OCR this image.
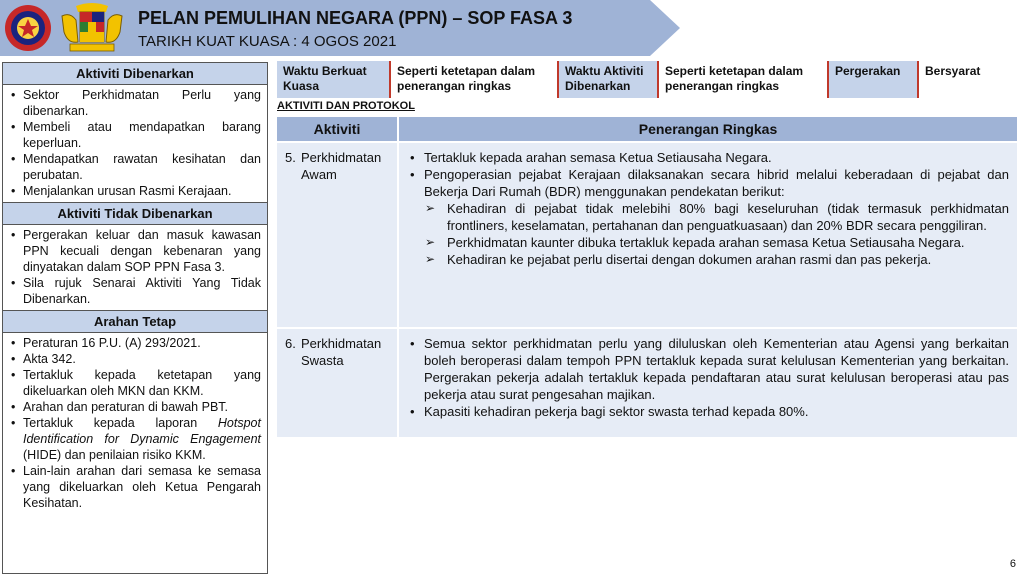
PELAN PEMULIHAN NEGARA (PPN) – SOP FASA 3
TARIKH KUAT KUASA : 4 OGOS 2021
Aktiviti Dibenarkan
• Sektor Perkhidmatan Perlu yang dibenarkan.
• Membeli atau mendapatkan barang keperluan.
• Mendapatkan rawatan kesihatan dan perubatan.
• Menjalankan urusan Rasmi Kerajaan.
Aktiviti Tidak Dibenarkan
• Pergerakan keluar dan masuk kawasan PPN kecuali dengan kebenaran yang dinyatakan dalam SOP PPN Fasa 3.
• Sila rujuk Senarai Aktiviti Yang Tidak Dibenarkan.
Arahan Tetap
• Peraturan 16 P.U. (A) 293/2021.
• Akta 342.
• Tertakluk kepada ketetapan yang dikeluarkan oleh MKN dan KKM.
• Arahan dan peraturan di bawah PBT.
• Tertakluk kepada laporan Hotspot Identification for Dynamic Engagement (HIDE) dan penilaian risiko KKM.
• Lain-lain arahan dari semasa ke semasa yang dikeluarkan oleh Ketua Pengarah Kesihatan.
Waktu Berkuat Kuasa
Seperti ketetapan dalam penerangan ringkas
Waktu Aktiviti Dibenarkan
Seperti ketetapan dalam penerangan ringkas
Pergerakan	Bersyarat
AKTIVITI DAN PROTOKOL
Aktiviti	Penerangan Ringkas
5. Perkhidmatan
Awam
• Tertakluk kepada arahan semasa Ketua Setiausaha Negara.
• Pengoperasian pejabat Kerajaan dilaksanakan secara hibrid melalui keberadaan di pejabat dan Bekerja Dari Rumah (BDR) menggunakan pendekatan berikut:
➢ Kehadiran di pejabat tidak melebihi 80% bagi keseluruhan (tidak termasuk perkhidmatan frontliners, keselamatan, pertahanan dan penguatkuasaan) dan 20% BDR secara penggiliran.
➢ Perkhidmatan kaunter dibuka tertakluk kepada arahan semasa Ketua Setiausaha Negara.
➢ Kehadiran ke pejabat perlu disertai dengan dokumen arahan rasmi dan pas pekerja.
6. Perkhidmatan
Swasta
• Semua sektor perkhidmatan perlu yang diluluskan oleh Kementerian atau Agensi yang berkaitan boleh beroperasi dalam tempoh PPN tertakluk kepada surat kelulusan Kementerian yang berkaitan. Pergerakan pekerja adalah tertakluk kepada pendaftaran atau surat kelulusan beroperasi atau pas pekerja atau surat pengesahan majikan.
• Kapasiti kehadiran pekerja bagi sektor swasta terhad kepada 80%.
6
